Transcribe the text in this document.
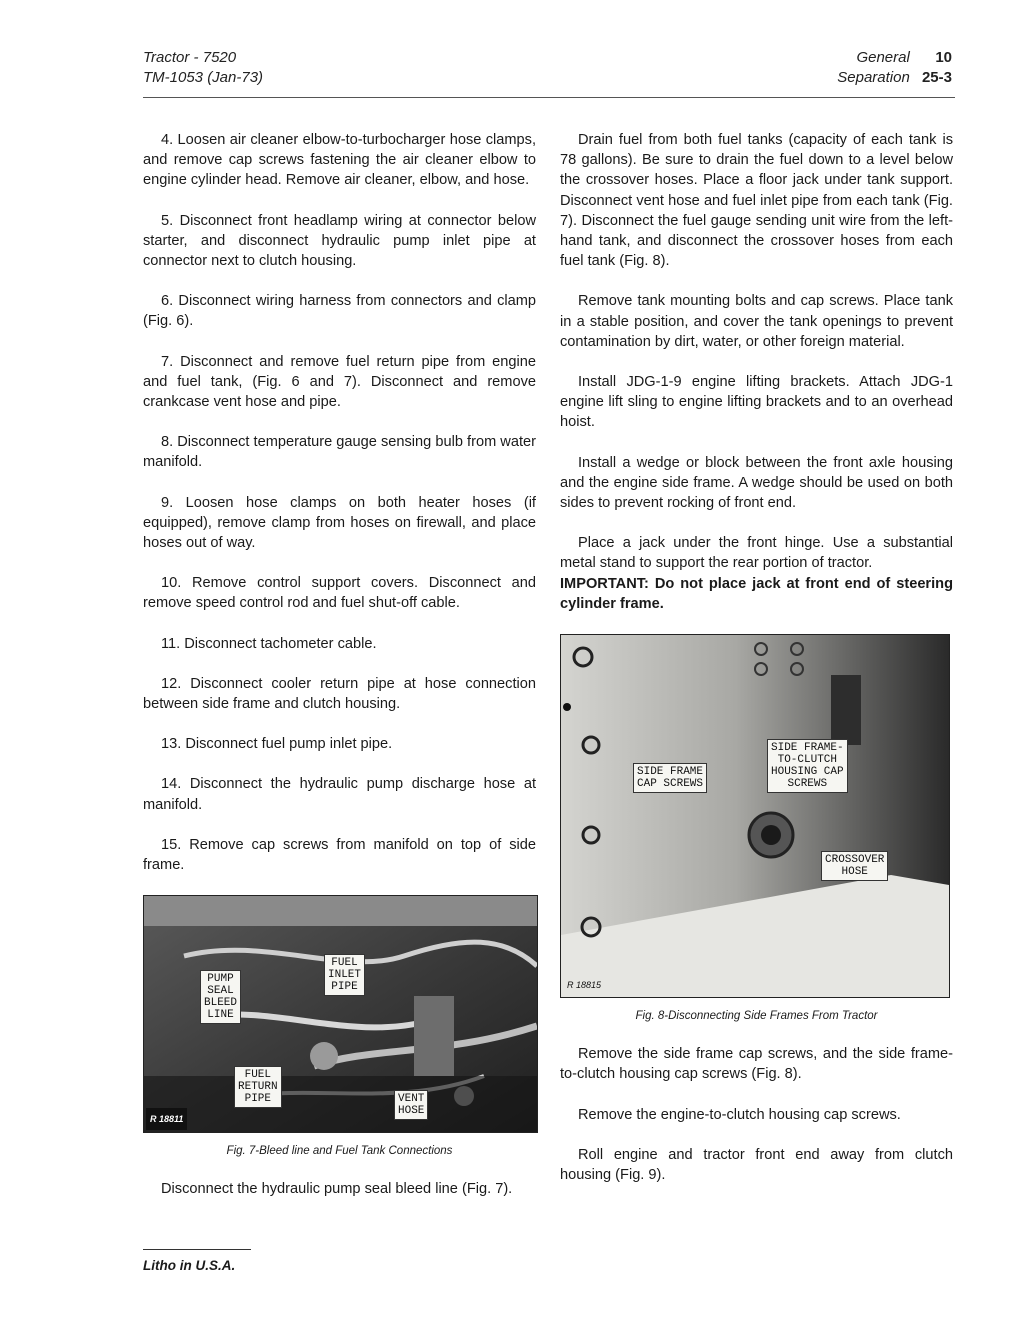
Tractor - 7520
TM-1053 (Jan-73)
General 10
Separation 25-3

4. Loosen air cleaner elbow-to-turbocharger hose clamps, and remove cap screws fastening the air cleaner elbow to engine cylinder head. Remove air cleaner, elbow, and hose.

5. Disconnect front headlamp wiring at connector below starter, and disconnect hydraulic pump inlet pipe at connector next to clutch housing.

6. Disconnect wiring harness from connectors and clamp (Fig. 6).

7. Disconnect and remove fuel return pipe from engine and fuel tank, (Fig. 6 and 7). Disconnect and remove crankcase vent hose and pipe.

8. Disconnect temperature gauge sensing bulb from water manifold.

9. Loosen hose clamps on both heater hoses (if equipped), remove clamp from hoses on firewall, and place hoses out of way.

10. Remove control support covers. Disconnect and remove speed control rod and fuel shut-off cable.

11. Disconnect tachometer cable.

12. Disconnect cooler return pipe at hose connection between side frame and clutch housing.

13. Disconnect fuel pump inlet pipe.

14. Disconnect the hydraulic pump discharge hose at manifold.

15. Remove cap screws from manifold on top of side frame.

PUMP
SEAL
BLEED
LINE
FUEL
INLET
PIPE
FUEL
RETURN
PIPE	VENT
HOSE
R 18811
Fig. 7-Bleed line and Fuel Tank Connections

Disconnect the hydraulic pump seal bleed line (Fig. 7).

Drain fuel from both fuel tanks (capacity of each tank is 78 gallons). Be sure to drain the fuel down to a level below the crossover hoses. Place a floor jack under tank support. Disconnect vent hose and fuel inlet pipe from each tank (Fig. 7). Disconnect the fuel gauge sending unit wire from the left-hand tank, and disconnect the crossover hoses from each fuel tank (Fig. 8).

Remove tank mounting bolts and cap screws. Place tank in a stable position, and cover the tank openings to prevent contamination by dirt, water, or other foreign material.

Install JDG-1-9 engine lifting brackets. Attach JDG-1 engine lift sling to engine lifting brackets and to an overhead hoist.

Install a wedge or block between the front axle housing and the engine side frame. A wedge should be used on both sides to prevent rocking of front end.

Place a jack under the front hinge. Use a substantial metal stand to support the rear portion of tractor.

IMPORTANT: Do not place jack at front end of steering cylinder frame.

SIDE FRAME
CAP SCREWS
SIDE FRAME-
TO-CLUTCH
HOUSING CAP
SCREWS
CROSSOVER
HOSE
R 18815
Fig. 8-Disconnecting Side Frames From Tractor

Remove the side frame cap screws, and the side frame-to-clutch housing cap screws (Fig. 8).

Remove the engine-to-clutch housing cap screws.

Roll engine and tractor front end away from clutch housing (Fig. 9).

Litho in U.S.A.
